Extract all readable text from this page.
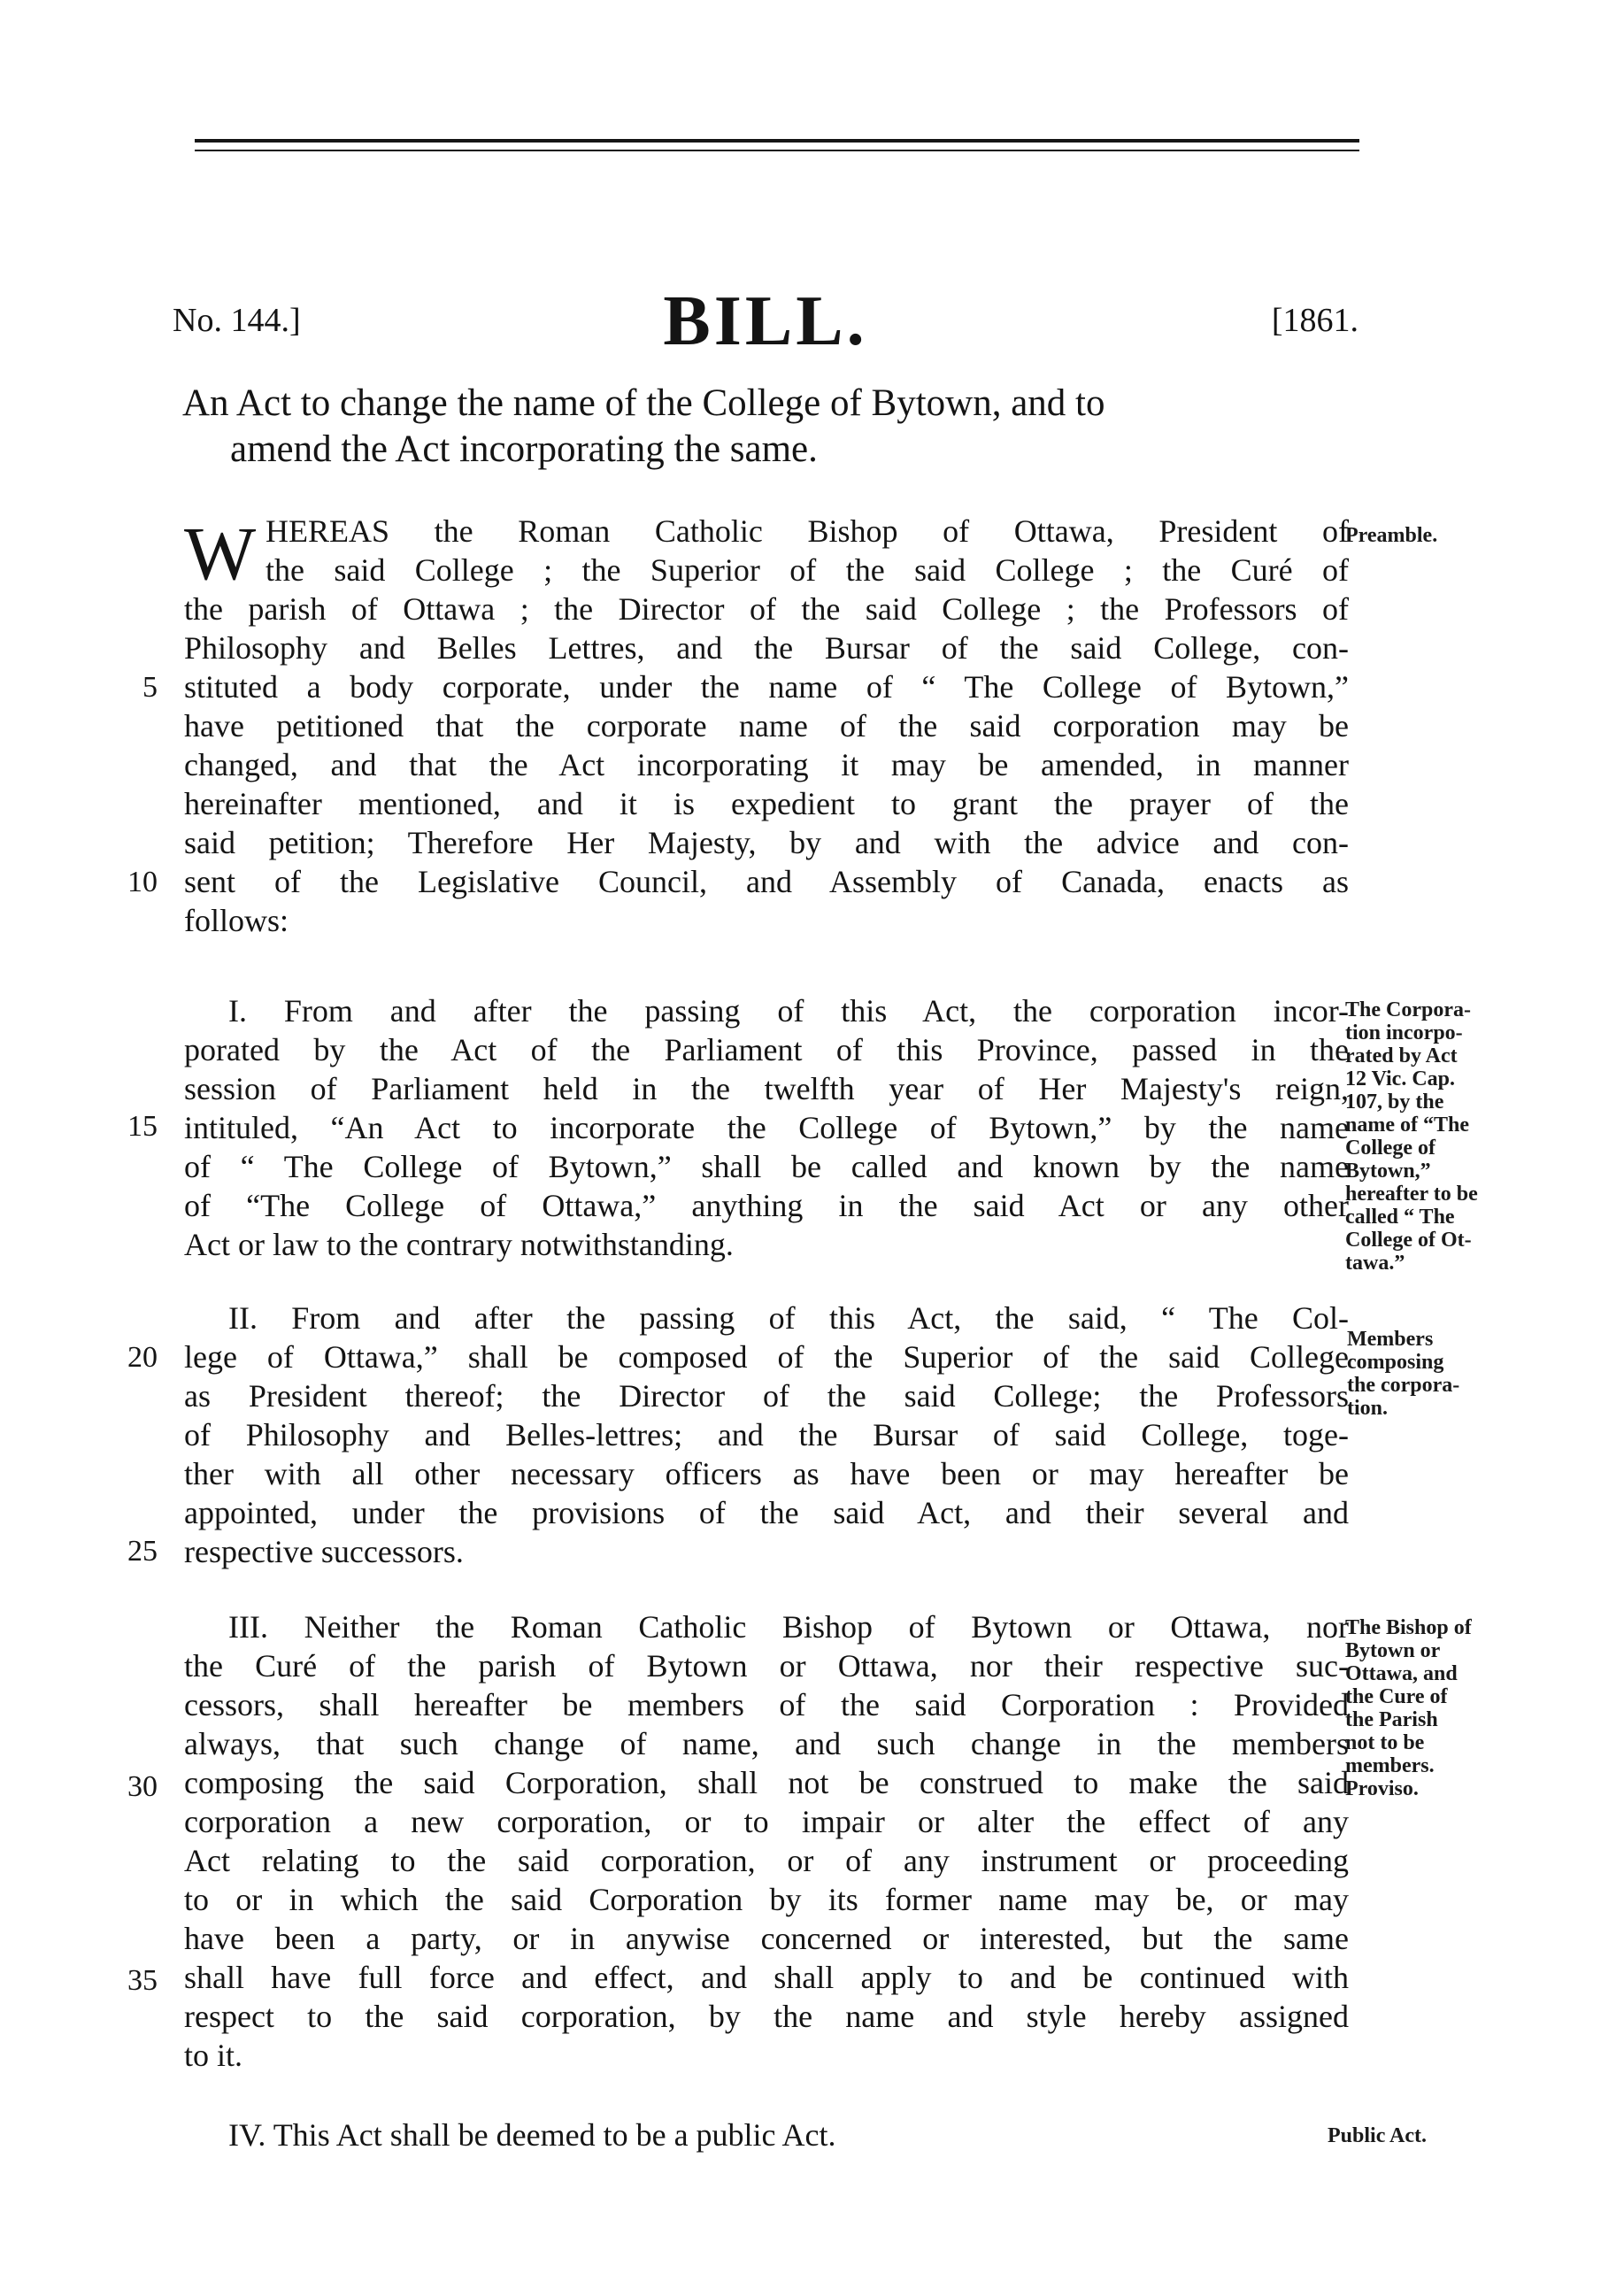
No. 144.]	BILL.	[1861.
An Act to change the name of the College of Bytown, and to
amend the Act incorporating the same.
W HEREAS the Roman Catholic Bishop of Ottawa, President of
the said College ; the Superior of the said College ; the Curé of
the parish of Ottawa ; the Director of the said College ; the Professors of
Philosophy and Belles Lettres, and the Bursar of the said College, con-
stituted a body corporate, under the name of “ The College of Bytown,”
have petitioned that the corporate name of the said corporation may be
changed, and that the Act incorporating it may be amended, in manner
hereinafter mentioned, and it is expedient to grant the prayer of the
said petition; Therefore Her Majesty, by and with the advice and con-
sent of the Legislative Council, and Assembly of Canada, enacts as
follows:
I. From and after the passing of this Act, the corporation incor-
porated by the Act of the Parliament of this Province, passed in the
session of Parliament held in the twelfth year of Her Majesty's reign,
intituled, “An Act to incorporate the College of Bytown,” by the name
of “ The College of Bytown,” shall be called and known by the name
of “The College of Ottawa,” anything in the said Act or any other
Act or law to the contrary notwithstanding.
II. From and after the passing of this Act, the said, “ The Col-
lege of Ottawa,” shall be composed of the Superior of the said College
as President thereof; the Director of the said College; the Professors
of Philosophy and Belles-lettres; and the Bursar of said College, toge-
ther with all other necessary officers as have been or may hereafter be
appointed, under the provisions of the said Act, and their several and
respective successors.
III. Neither the Roman Catholic Bishop of Bytown or Ottawa, nor
the Curé of the parish of Bytown or Ottawa, nor their respective suc-
cessors, shall hereafter be members of the said Corporation : Provided
always, that such change of name, and such change in the members
composing the said Corporation, shall not be construed to make the said
corporation a new corporation, or to impair or alter the effect of any
Act relating to the said corporation, or of any instrument or proceeding
to or in which the said Corporation by its former name may be, or may
have been a party, or in anywise concerned or interested, but the same
shall have full force and effect, and shall apply to and be continued with
respect to the said corporation, by the name and style hereby assigned
to it.
IV. This Act shall be deemed to be a public Act.
5
10
15
20
25
30
35
Preamble.
The Corpora-
tion incorpo-
rated by Act
12 Vic. Cap.
107, by the
name of “The
College of
Bytown,”
hereafter to be
called “ The
College of Ot-
tawa.”
Members
composing
the corpora-
tion.
The Bishop of
Bytown or
Ottawa, and
the Cure of
the Parish
not to be
members.
Proviso.
Public Act.
